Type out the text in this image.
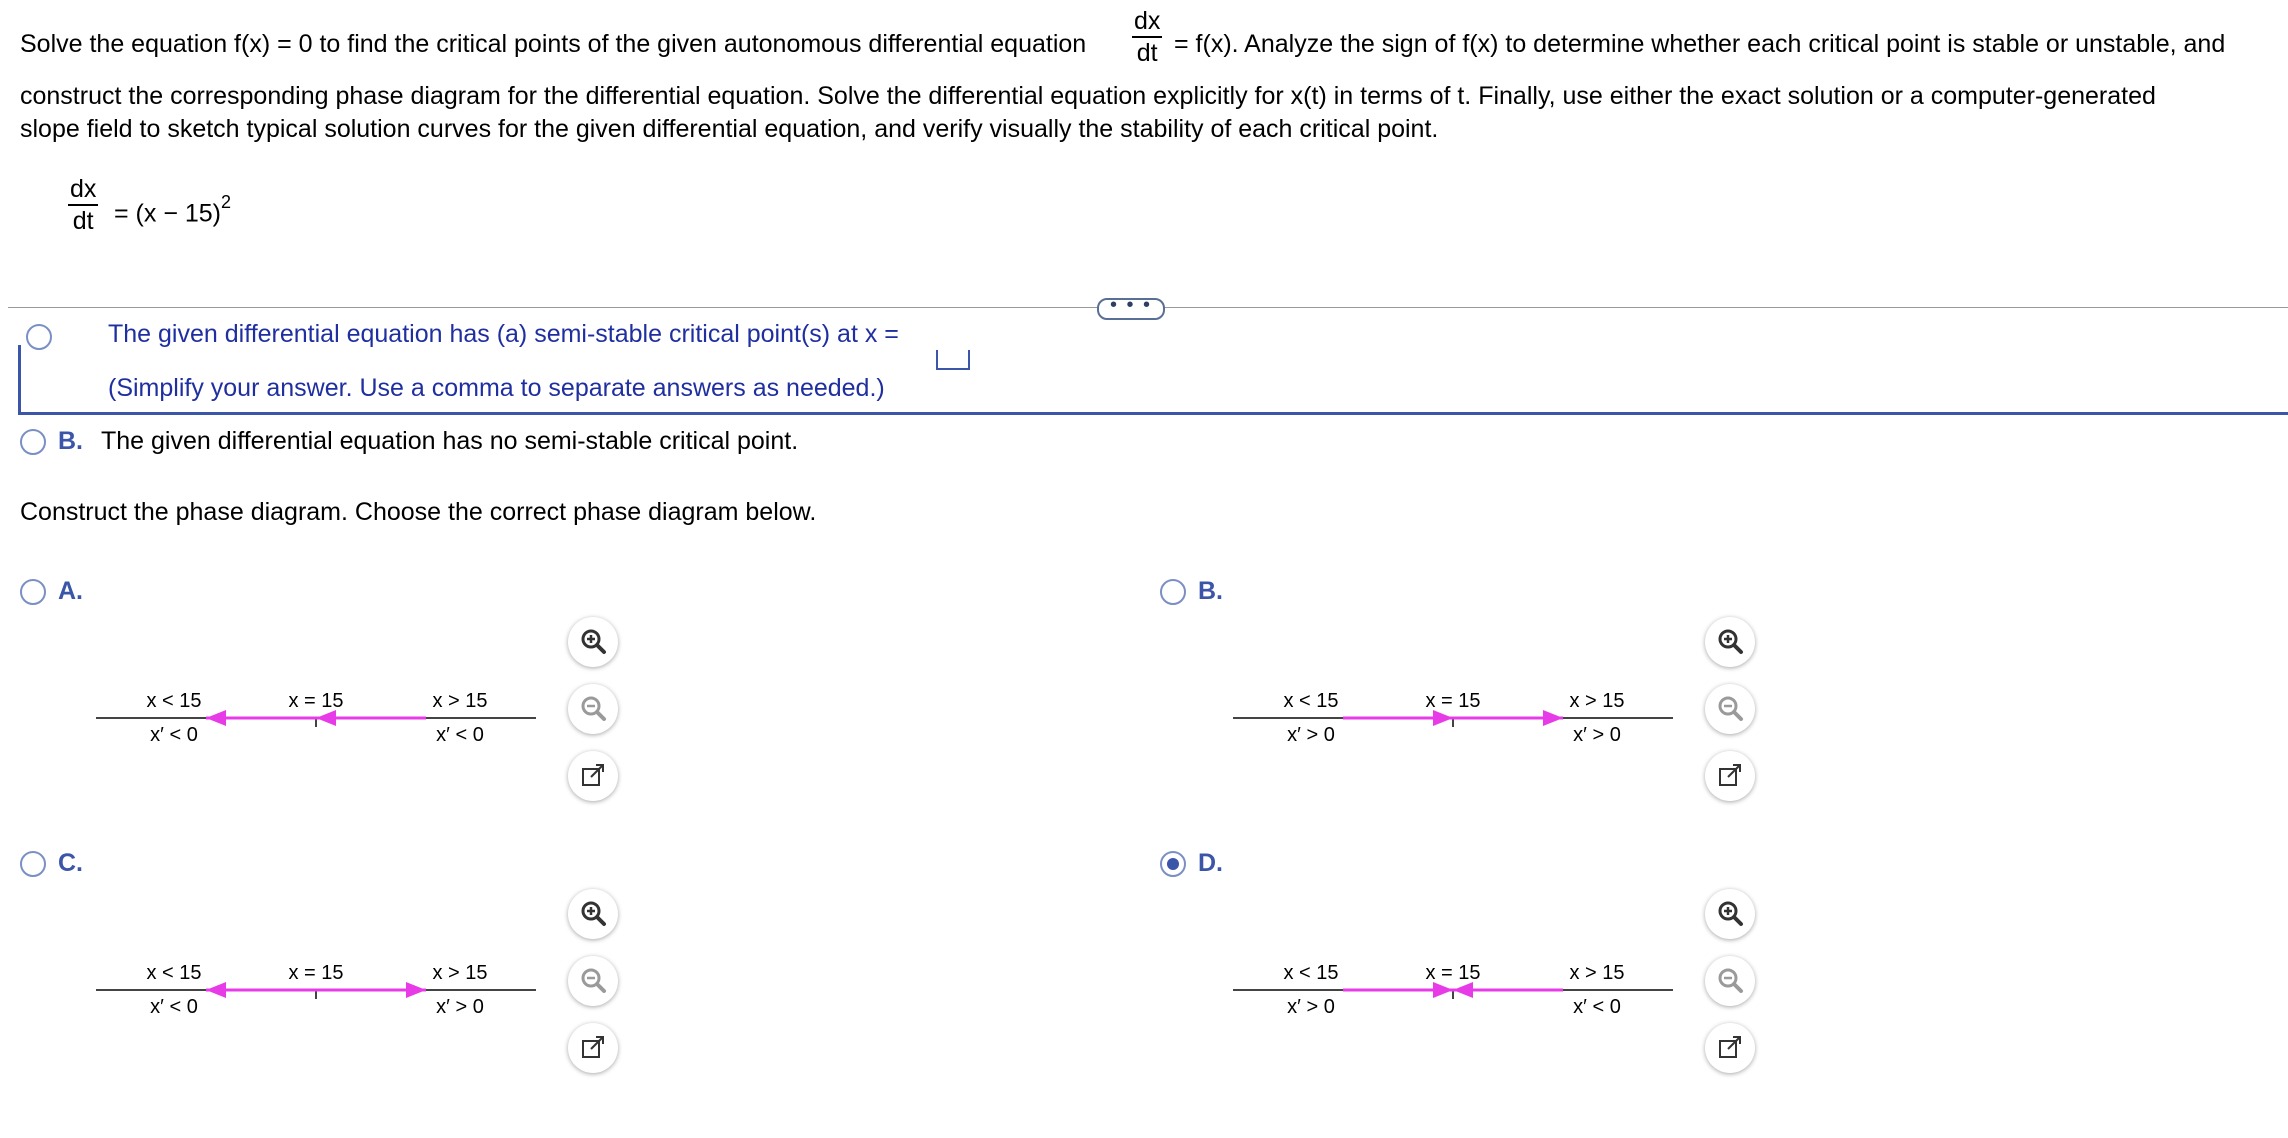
Solve the equation f(x) = 0 to find the critical points of the given autonomous differential equation $\frac{dx}{dt} = f(x)$. Analyze the sign of f(x) to determine whether each critical point is stable or unstable, and
construct the corresponding phase diagram for the differential equation. Solve the differential equation explicitly for x(t) in terms of t. Finally, use either the exact solution or a computer-generated
slope field to sketch typical solution curves for the given differential equation, and verify visually the stability of each critical point.
$\frac{dx}{dt} = (x - 15)^2$
• • •
The given differential equation has (a) semi-stable critical point(s) at x =
(Simplify your answer. Use a comma to separate answers as needed.)
B. The given differential equation has no semi-stable critical point.
Construct the phase diagram. Choose the correct phase diagram below.
A.	B.
C.	D.
x < 15
x′ < 0
x = 15	x > 15
x′ < 0
x < 15
x′ > 0
x = 15	x > 15
x′ > 0
x < 15
x′ < 0
x = 15	x > 15
x′ > 0
x < 15
x′ > 0
x = 15	x > 15
x′ < 0
